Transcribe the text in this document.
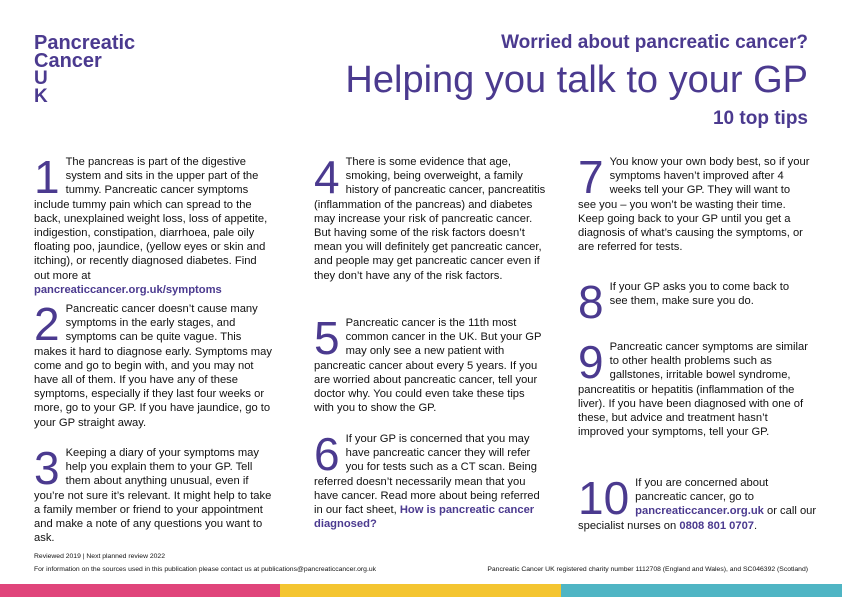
Pancreatic
Cancer
U
K
Worried about pancreatic cancer?
Helping you talk to your GP
10 top tips
1 The pancreas is part of the digestive system and sits in the upper part of the tummy. Pancreatic cancer symptoms include tummy pain which can spread to the back, unexplained weight loss, loss of appetite, indigestion, constipation, diarrhoea, pale oily floating poo, jaundice, (yellow eyes or skin and itching), or recently diagnosed diabetes. Find out more at pancreaticcancer.org.uk/symptoms
2 Pancreatic cancer doesn’t cause many symptoms in the early stages, and symptoms can be quite vague. This makes it hard to diagnose early. Symptoms may come and go to begin with, and you may not have all of them. If you have any of these symptoms, especially if they last four weeks or more, go to your GP. If you have jaundice, go to your GP straight away.
3 Keeping a diary of your symptoms may help you explain them to your GP. Tell them about anything unusual, even if you’re not sure it’s relevant. It might help to take a family member or friend to your appointment and make a note of any questions you want to ask.
4 There is some evidence that age, smoking, being overweight, a family history of pancreatic cancer, pancreatitis (inflammation of the pancreas) and diabetes may increase your risk of pancreatic cancer. But having some of the risk factors doesn’t mean you will definitely get pancreatic cancer, and people may get pancreatic cancer even if they don’t have any of the risk factors.
5 Pancreatic cancer is the 11th most common cancer in the UK. But your GP may only see a new patient with pancreatic cancer about every 5 years. If you are worried about pancreatic cancer, tell your doctor why. You could even take these tips with you to show the GP.
6 If your GP is concerned that you may have pancreatic cancer they will refer you for tests such as a CT scan. Being referred doesn’t necessarily mean that you have cancer. Read more about being referred in our fact sheet, How is pancreatic cancer diagnosed?
7 You know your own body best, so if your symptoms haven’t improved after 4 weeks tell your GP. They will want to see you – you won’t be wasting their time. Keep going back to your GP until you get a diagnosis of what’s causing the symptoms, or are referred for tests.
8 If your GP asks you to come back to see them, make sure you do.
9 Pancreatic cancer symptoms are similar to other health problems such as gallstones, irritable bowel syndrome, pancreatitis or hepatitis (inflammation of the liver). If you have been diagnosed with one of these, but advice and treatment hasn’t improved your symptoms, tell your GP.
10 If you are concerned about pancreatic cancer, go to pancreaticcancer.org.uk or call our specialist nurses on 0808 801 0707.
Reviewed 2019 | Next planned review 2022
For information on the sources used in this publication please contact us at publications@pancreaticcancer.org.uk	Pancreatic Cancer UK registered charity number 1112708 (England and Wales), and SC046392 (Scotland)
